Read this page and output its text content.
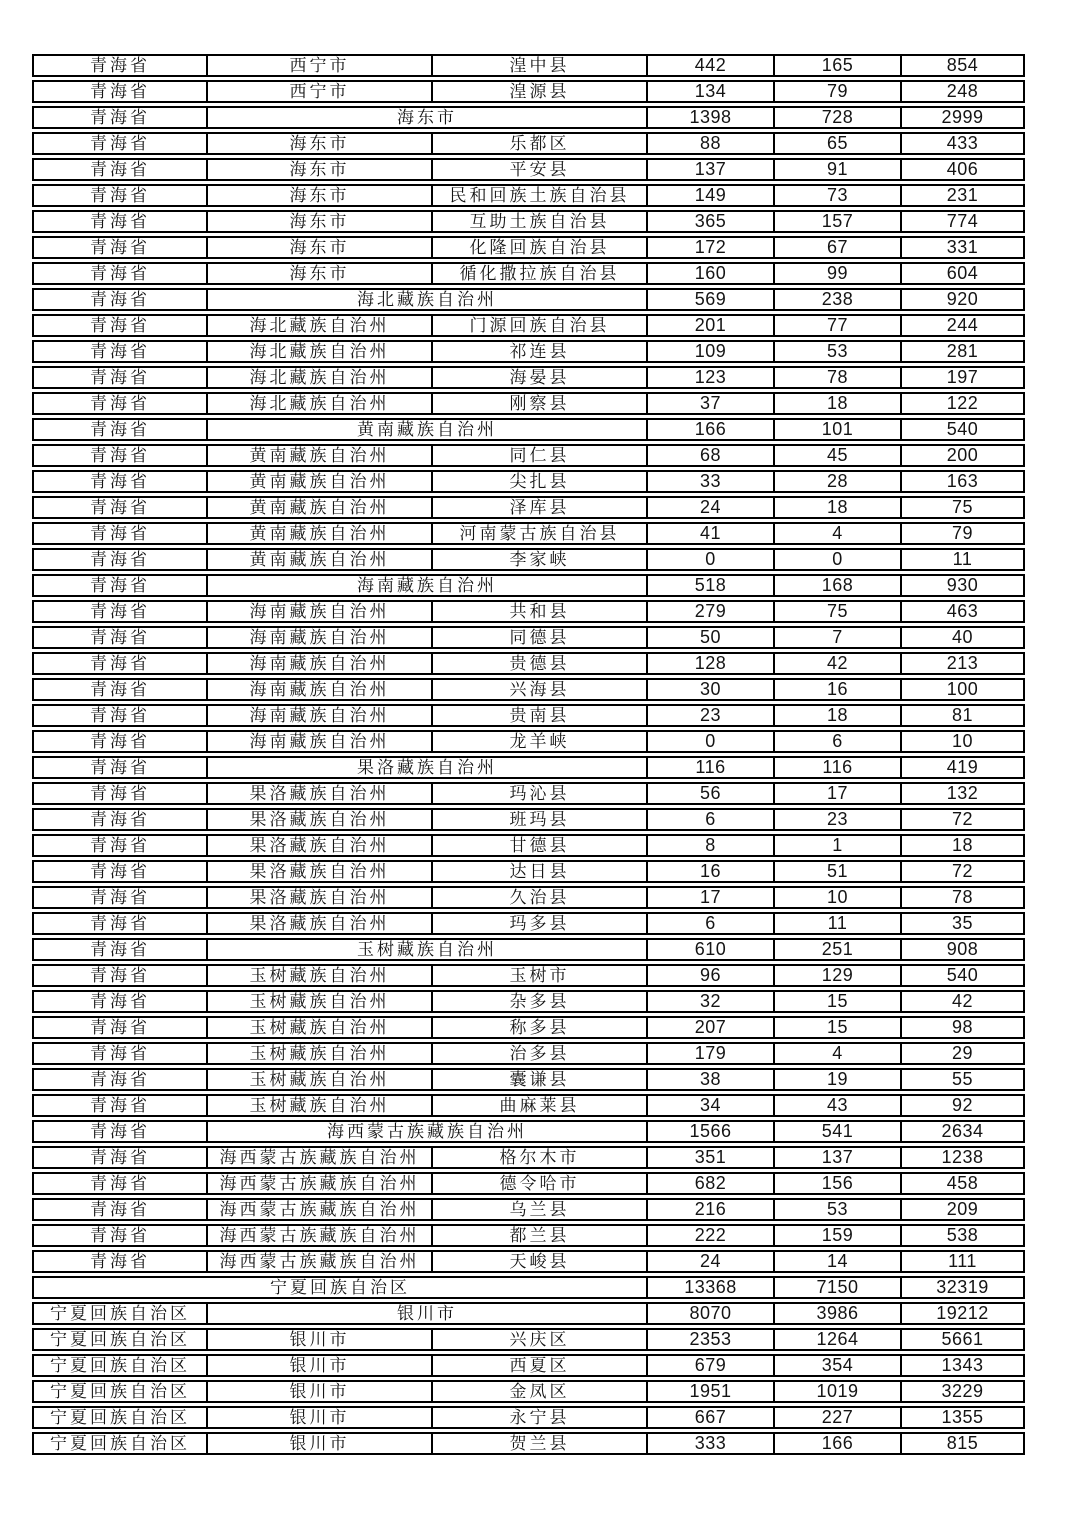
青海省	西宁市	湟中县	442	165	854
青海省	西宁市	湟源县	134	79	248
青海省	海东市		1398	728	2999
青海省	海东市	乐都区	88	65	433
青海省	海东市	平安县	137	91	406
青海省	海东市	民和回族土族自治县	149	73	231
青海省	海东市	互助土族自治县	365	157	774
青海省	海东市	化隆回族自治县	172	67	331
青海省	海东市	循化撒拉族自治县	160	99	604
青海省	海北藏族自治州		569	238	920
青海省	海北藏族自治州	门源回族自治县	201	77	244
青海省	海北藏族自治州	祁连县	109	53	281
青海省	海北藏族自治州	海晏县	123	78	197
青海省	海北藏族自治州	刚察县	37	18	122
青海省	黄南藏族自治州		166	101	540
青海省	黄南藏族自治州	同仁县	68	45	200
青海省	黄南藏族自治州	尖扎县	33	28	163
青海省	黄南藏族自治州	泽库县	24	18	75
青海省	黄南藏族自治州	河南蒙古族自治县	41	4	79
青海省	黄南藏族自治州	李家峡	0	0	11
青海省	海南藏族自治州		518	168	930
青海省	海南藏族自治州	共和县	279	75	463
青海省	海南藏族自治州	同德县	50	7	40
青海省	海南藏族自治州	贵德县	128	42	213
青海省	海南藏族自治州	兴海县	30	16	100
青海省	海南藏族自治州	贵南县	23	18	81
青海省	海南藏族自治州	龙羊峡	0	6	10
青海省	果洛藏族自治州		116	116	419
青海省	果洛藏族自治州	玛沁县	56	17	132
青海省	果洛藏族自治州	班玛县	6	23	72
青海省	果洛藏族自治州	甘德县	8	1	18
青海省	果洛藏族自治州	达日县	16	51	72
青海省	果洛藏族自治州	久治县	17	10	78
青海省	果洛藏族自治州	玛多县	6	11	35
青海省	玉树藏族自治州		610	251	908
青海省	玉树藏族自治州	玉树市	96	129	540
青海省	玉树藏族自治州	杂多县	32	15	42
青海省	玉树藏族自治州	称多县	207	15	98
青海省	玉树藏族自治州	治多县	179	4	29
青海省	玉树藏族自治州	囊谦县	38	19	55
青海省	玉树藏族自治州	曲麻莱县	34	43	92
青海省	海西蒙古族藏族自治州		1566	541	2634
青海省	海西蒙古族藏族自治州	格尔木市	351	137	1238
青海省	海西蒙古族藏族自治州	德令哈市	682	156	458
青海省	海西蒙古族藏族自治州	乌兰县	216	53	209
青海省	海西蒙古族藏族自治州	都兰县	222	159	538
青海省	海西蒙古族藏族自治州	天峻县	24	14	111
宁夏回族自治区			13368	7150	32319
宁夏回族自治区	银川市		8070	3986	19212
宁夏回族自治区	银川市	兴庆区	2353	1264	5661
宁夏回族自治区	银川市	西夏区	679	354	1343
宁夏回族自治区	银川市	金凤区	1951	1019	3229
宁夏回族自治区	银川市	永宁县	667	227	1355
宁夏回族自治区	银川市	贺兰县	333	166	815
